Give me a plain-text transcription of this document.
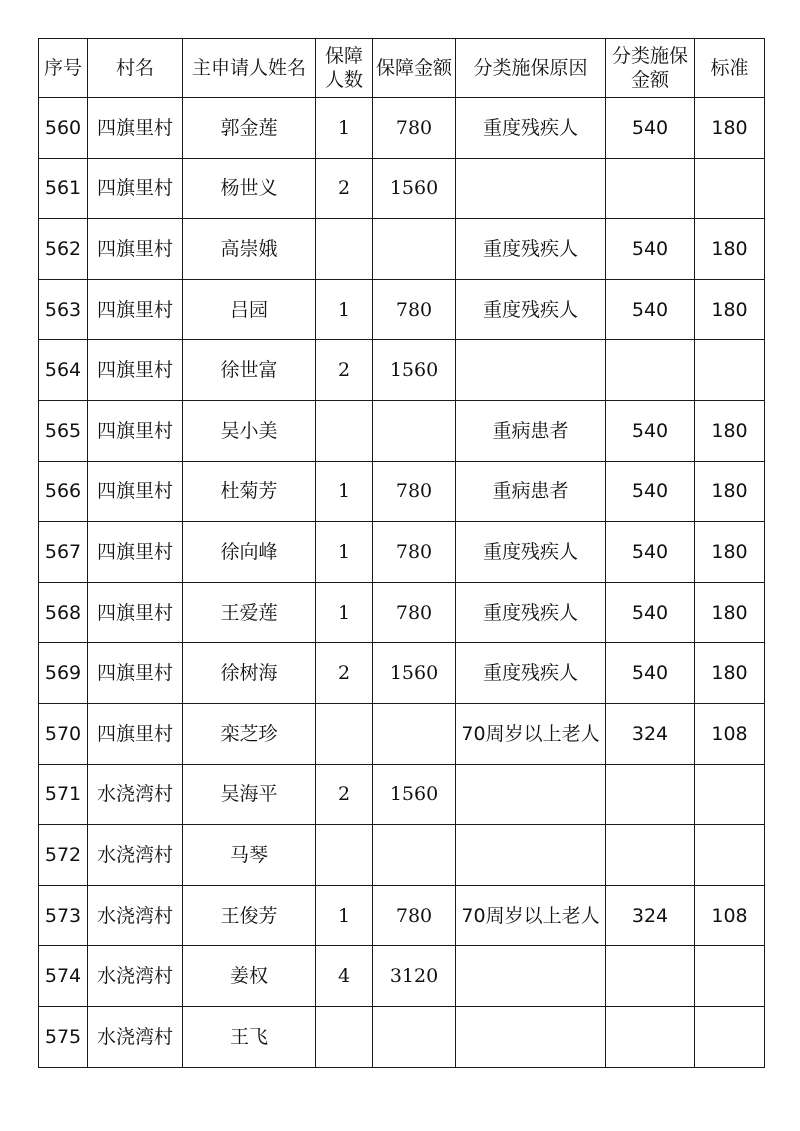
序号	村名	主申请人姓名	保障人数	保障金额	分类施保原因	分类施保金额	标准
560	四旗里村	郭金莲	1	780	重度残疾人	540	180
561	四旗里村	杨世义	2	1560			
562	四旗里村	高崇娥			重度残疾人	540	180
563	四旗里村	吕园	1	780	重度残疾人	540	180
564	四旗里村	徐世富	2	1560			
565	四旗里村	吴小美			重病患者	540	180
566	四旗里村	杜菊芳	1	780	重病患者	540	180
567	四旗里村	徐向峰	1	780	重度残疾人	540	180
568	四旗里村	王爱莲	1	780	重度残疾人	540	180
569	四旗里村	徐树海	2	1560	重度残疾人	540	180
570	四旗里村	栾芝珍			70周岁以上老人	324	108
571	水浇湾村	吴海平	2	1560			
572	水浇湾村	马琴					
573	水浇湾村	王俊芳	1	780	70周岁以上老人	324	108
574	水浇湾村	姜权	4	3120			
575	水浇湾村	王飞					
